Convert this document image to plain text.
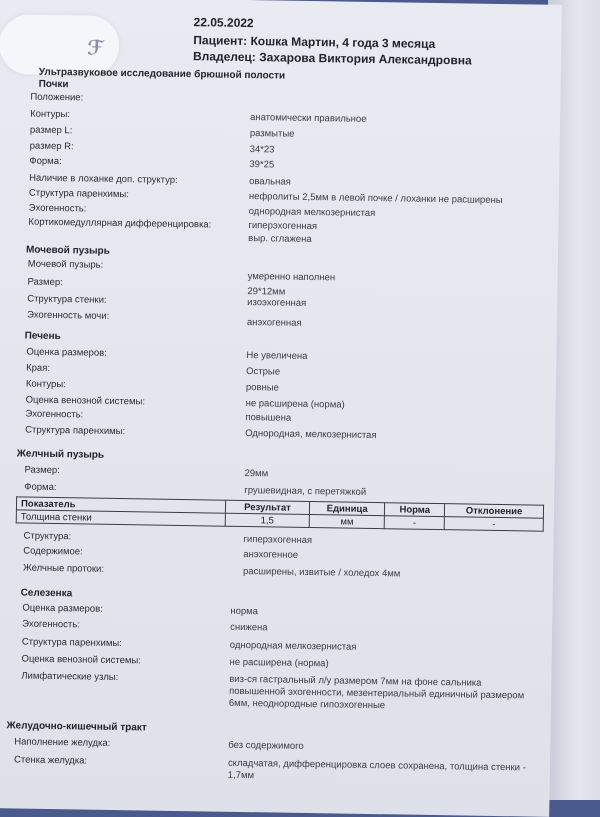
ℱ
22.05.2022
Пациент: Кошка Мартин, 4 года 3 месяца
Владелец: Захарова Виктория Александровна
Ультразвуковое исследование брюшной полости
Почки
Положение:
Контуры:	анатомически правильное
размер L:	размытые
размер R:	34*23
Форма:	39*25
Наличие в лоханке доп. структур:	овальная
Структура паренхимы:	нефролиты 2,5мм в левой почке / лоханки не расширены
Эхогенность:	однородная мелкозернистая
Кортикомедуллярная дифференцировка:	гиперэхогенная
выр. сглажена
Мочевой пузырь
Мочевой пузырь:
Размер:	умеренно наполнен
29*12мм
Структура стенки:	изоэхогенная
Эхогенность мочи:
анэхогенная
Печень
Оценка размеров:	Не увеличена
Края:	Острые
Контуры:	ровные
Оценка венозной системы:	не расширена (норма)
Эхогенность:	повышена
Структура паренхимы:	Однородная, мелкозернистая
Желчный пузырь
Размер:	29мм
Форма:	грушевидная, с перетяжкой
Показатель	Результат	Единица	Норма	Отклонение
Толщина стенки	1,5	мм	-	-
Структура:	гиперэхогенная
Содержимое:	анэхогенное
Желчные протоки:	расширены, извитые / холедох 4мм
Селезенка
Оценка размеров:	норма
Эхогенность:	снижена
Структура паренхимы:	однородная мелкозернистая
Оценка венозной системы:	не расширена (норма)
Лимфатические узлы:	виз-ся гастральный л/у размером 7мм на фоне сальника повышенной эхогенности, мезентериальный единичный размером 6мм, неоднородные гипоэхогенные
Желудочно-кишечный тракт
Наполнение желудка:	без содержимого
Стенка желудка:	складчатая, дифференцировка слоев сохранена, толщина стенки - 1,7мм
